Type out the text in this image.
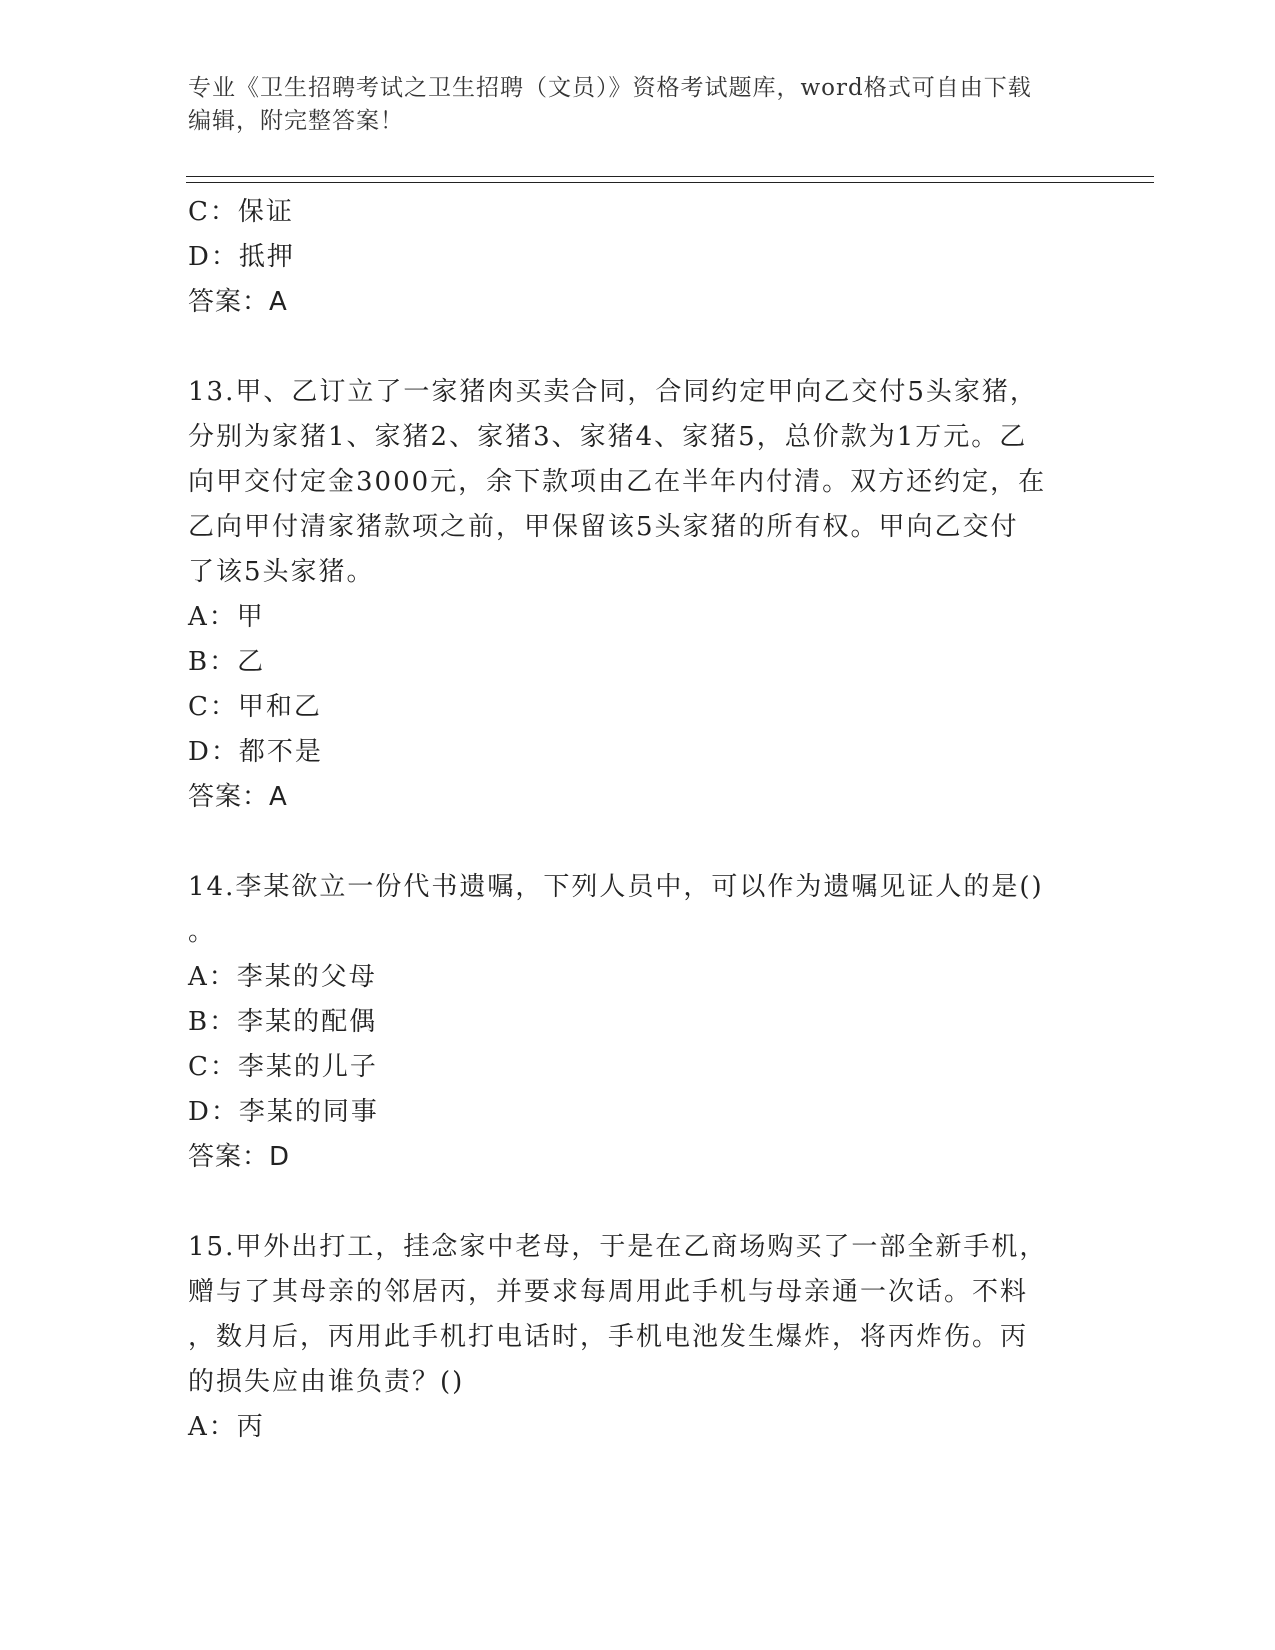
专业《卫生招聘考试之卫生招聘（文员）》资格考试题库，word格式可自由下载
编辑，附完整答案！
C：保证
D：抵押
答案：A
13.甲、乙订立了一家猪肉买卖合同，合同约定甲向乙交付5头家猪，
分别为家猪1、家猪2、家猪3、家猪4、家猪5，总价款为1万元。乙
向甲交付定金3000元，余下款项由乙在半年内付清。双方还约定，在
乙向甲付清家猪款项之前，甲保留该5头家猪的所有权。甲向乙交付
了该5头家猪。
A：甲
B：乙
C：甲和乙
D：都不是
答案：A
14.李某欲立一份代书遗嘱，下列人员中，可以作为遗嘱见证人的是()
。
A：李某的父母
B：李某的配偶
C：李某的儿子
D：李某的同事
答案：D
15.甲外出打工，挂念家中老母，于是在乙商场购买了一部全新手机，
赠与了其母亲的邻居丙，并要求每周用此手机与母亲通一次话。不料
，数月后，丙用此手机打电话时，手机电池发生爆炸，将丙炸伤。丙
的损失应由谁负责？()
A：丙
